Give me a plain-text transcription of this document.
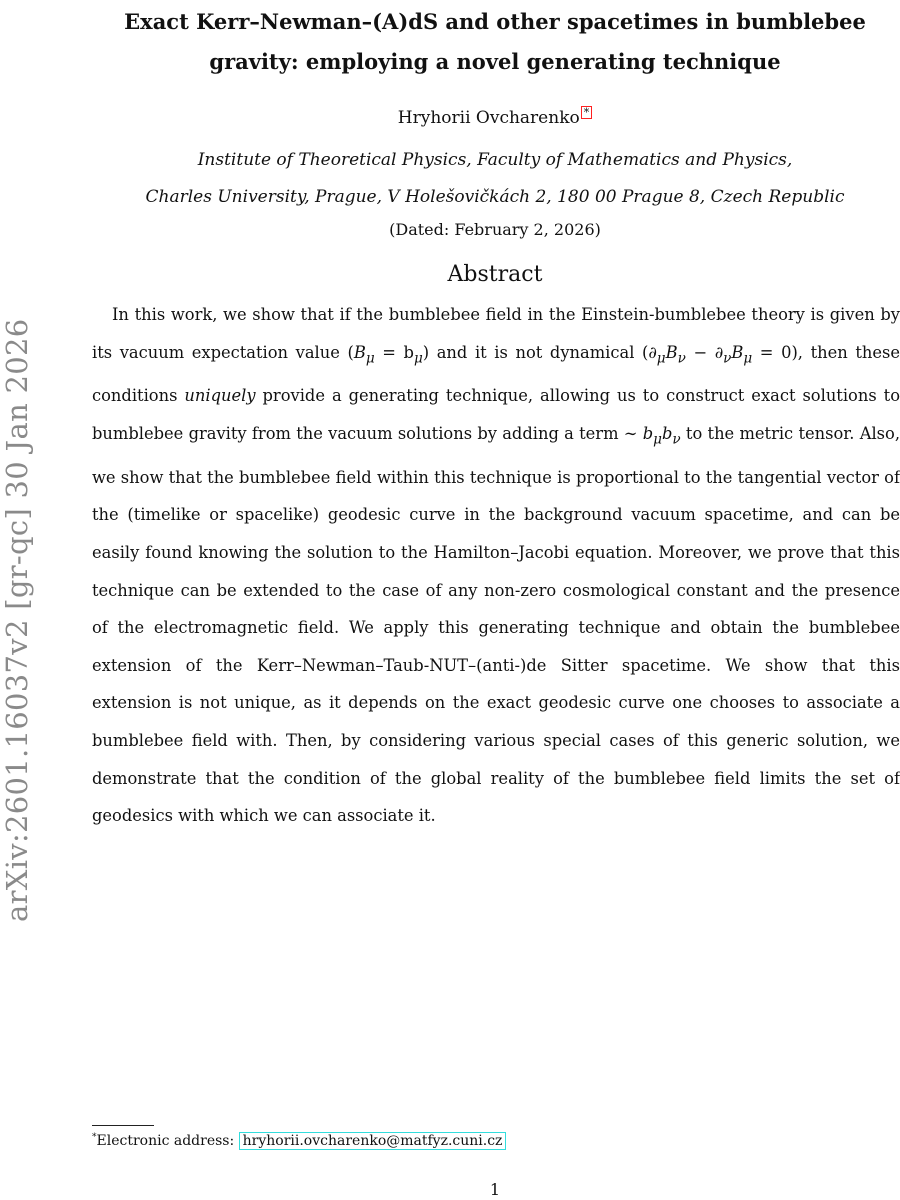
arXiv:2601.16037v2 [gr-qc] 30 Jan 2026
Exact Kerr–Newman–(A)dS and other spacetimes in bumblebee
gravity: employing a novel generating technique
Hryhorii Ovcharenko *
Institute of Theoretical Physics, Faculty of Mathematics and Physics,
Charles University, Prague, V Holešovičkách 2, 180 00 Prague 8, Czech Republic
(Dated: February 2, 2026)
Abstract

In this work, we show that if the bumblebee field in the Einstein-bumblebee theory is given by its vacuum expectation value $(B_\mu = b_\mu)$ and it is not dynamical $(\partial_\mu B_\nu - \partial_\nu B_\mu = 0)$, then these conditions uniquely provide a generating technique, allowing us to construct exact solutions to bumblebee gravity from the vacuum solutions by adding a term ∼ $b_\mu b_\nu$ to the metric tensor. Also, we show that the bumblebee field within this technique is proportional to the tangential vector of the (timelike or spacelike) geodesic curve in the background vacuum spacetime, and can be easily found knowing the solution to the Hamilton–Jacobi equation. Moreover, we prove that this technique can be extended to the case of any non-zero cosmological constant and the presence of the electromagnetic field. We apply this generating technique and obtain the bumblebee extension of the Kerr–Newman–Taub-NUT–(anti-)de Sitter spacetime. We show that this extension is not unique, as it depends on the exact geodesic curve one chooses to associate a bumblebee field with. Then, by considering various special cases of this generic solution, we demonstrate that the condition of the global reality of the bumblebee field limits the set of geodesics with which we can associate it.

*Electronic address: hryhorii.ovcharenko@matfyz.cuni.cz
1
